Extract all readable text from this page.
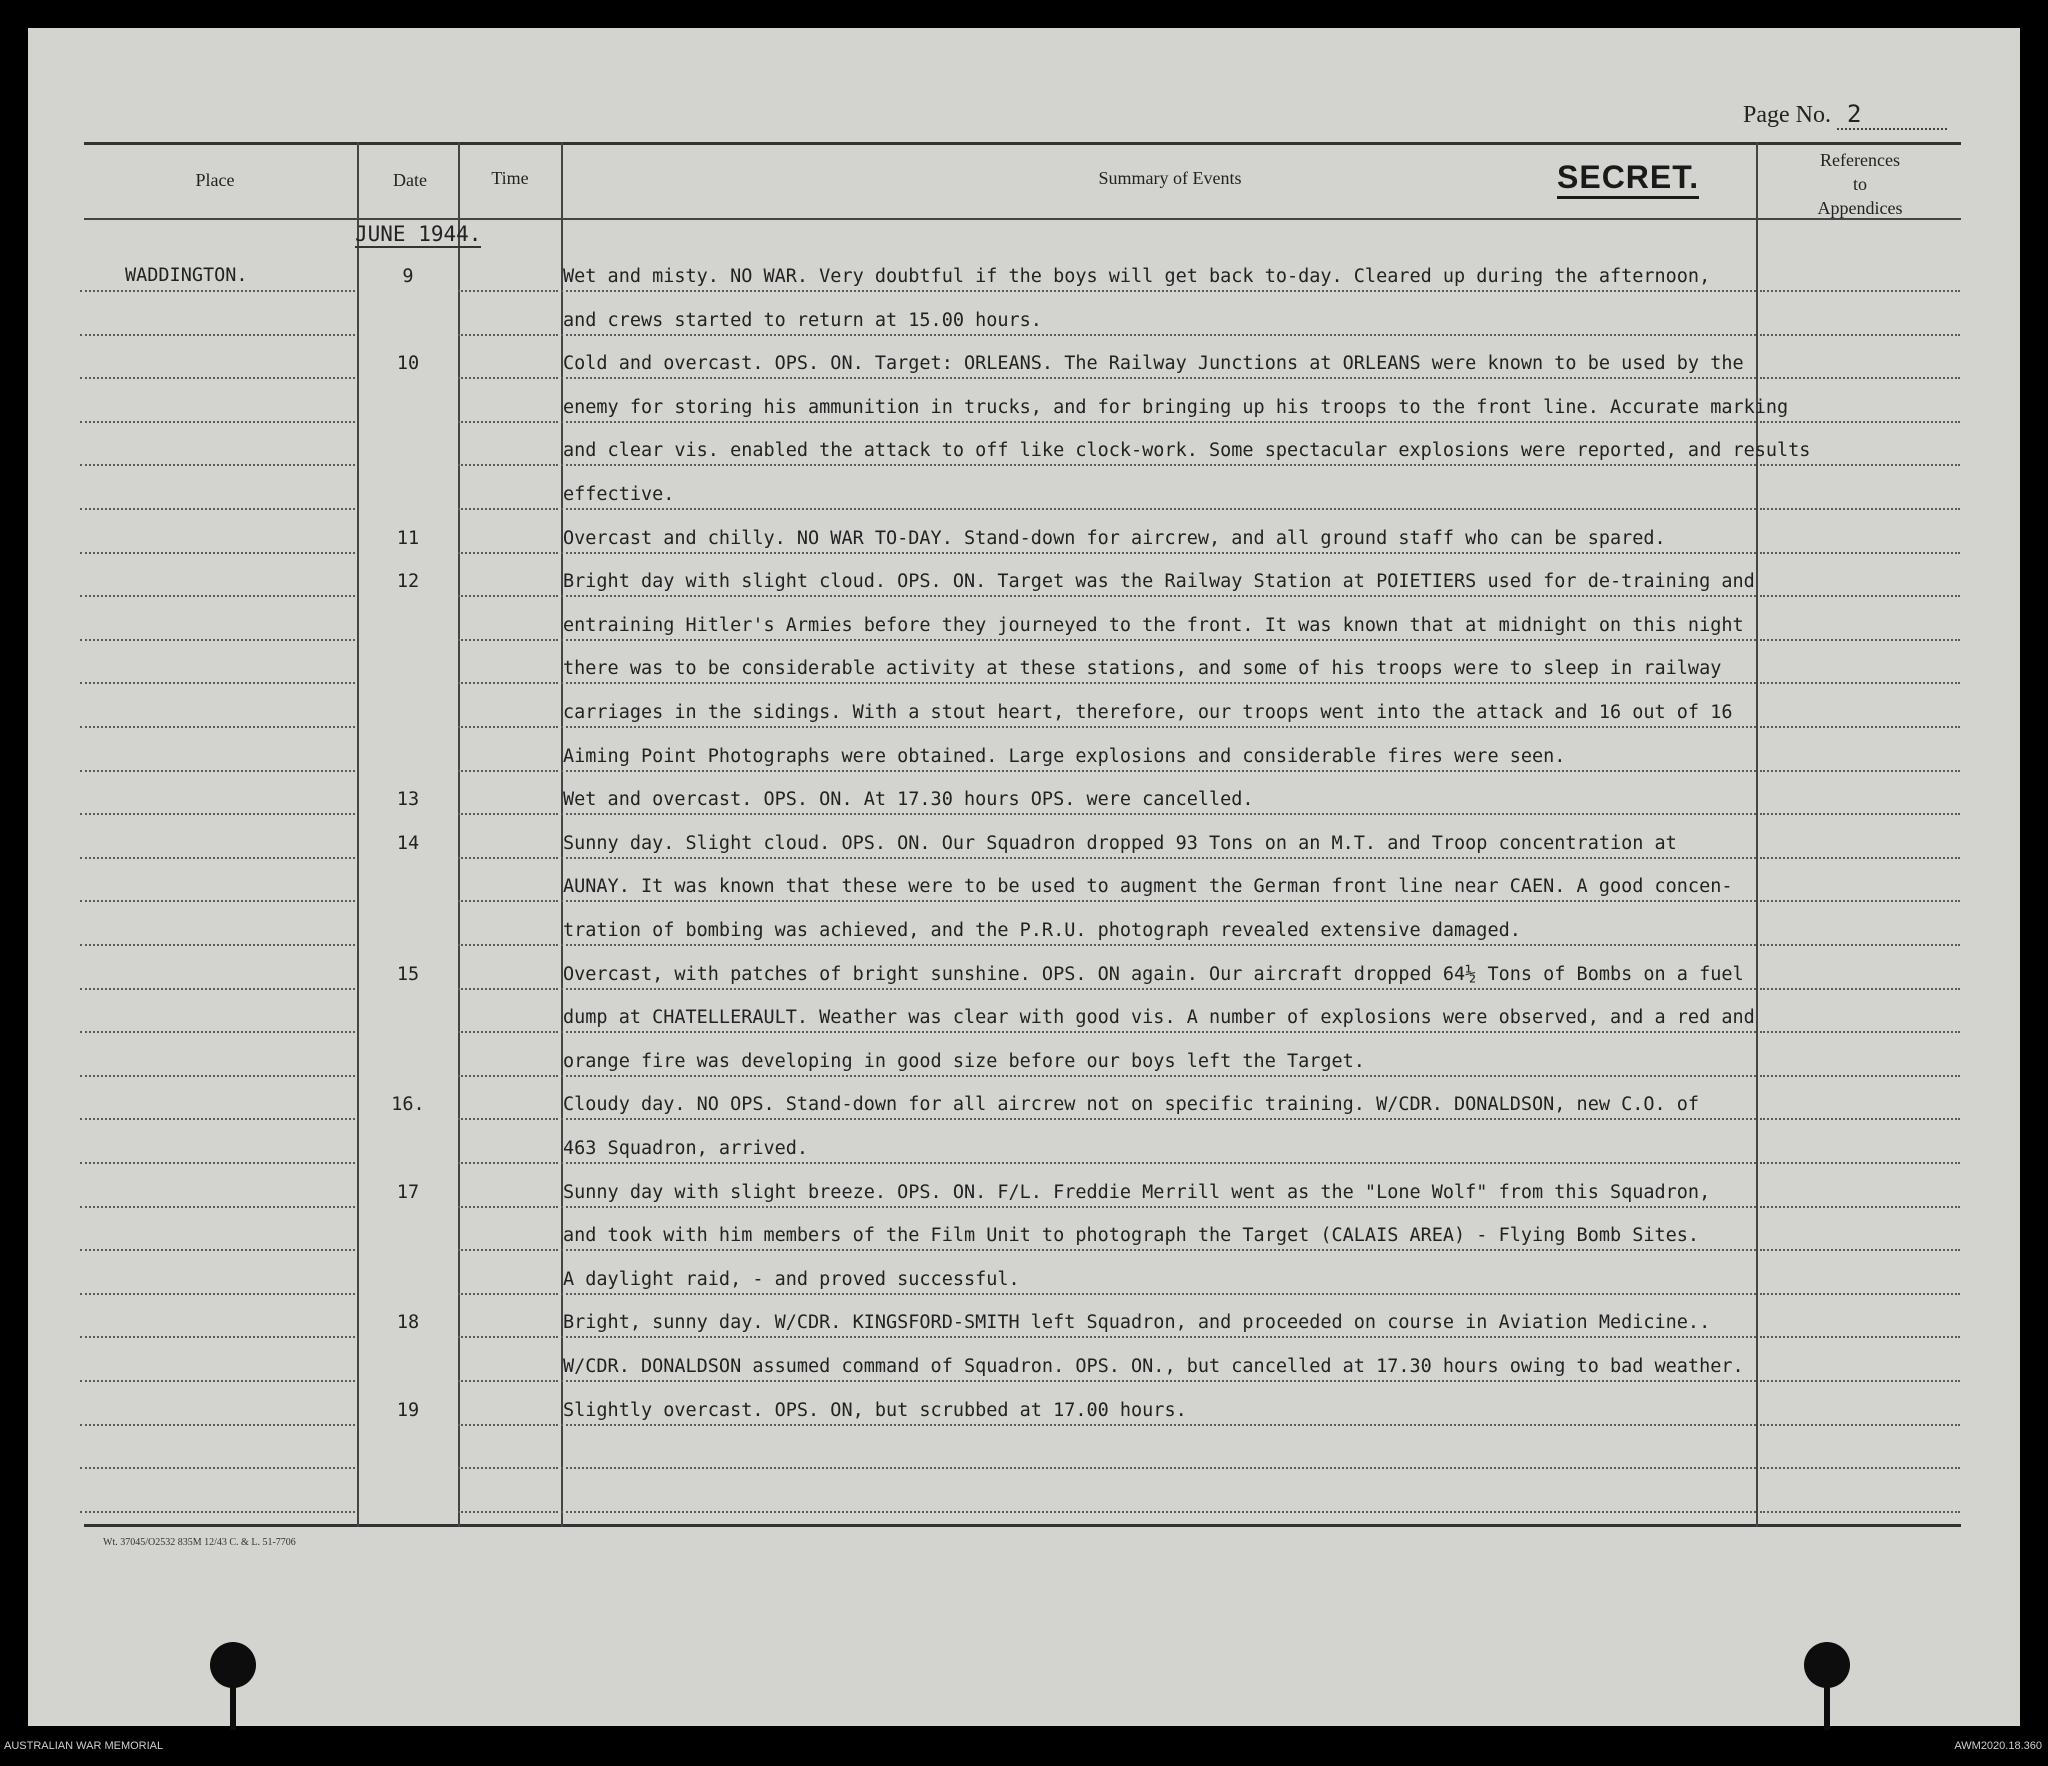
Page No. 2
Place	Date	Time	Summary of Events	SECRET.	References
to
Appendices
JUNE 1944.
WADDINGTON.	9	Wet and misty. NO WAR. Very doubtful if the boys will get back to-day. Cleared up during the afternoon,
and crews started to return at 15.00 hours.
10	Cold and overcast. OPS. ON. Target: ORLEANS. The Railway Junctions at ORLEANS were known to be used by the
enemy for storing his ammunition in trucks, and for bringing up his troops to the front line. Accurate marking
and clear vis. enabled the attack to off like clock-work. Some spectacular explosions were reported, and results
effective.
11	Overcast and chilly. NO WAR TO-DAY. Stand-down for aircrew, and all ground staff who can be spared.
12	Bright day with slight cloud. OPS. ON. Target was the Railway Station at POIETIERS used for de-training and
entraining Hitler's Armies before they journeyed to the front. It was known that at midnight on this night
there was to be considerable activity at these stations, and some of his troops were to sleep in railway
carriages in the sidings. With a stout heart, therefore, our troops went into the attack and 16 out of 16
Aiming Point Photographs were obtained. Large explosions and considerable fires were seen.
13	Wet and overcast. OPS. ON. At 17.30 hours OPS. were cancelled.
14	Sunny day. Slight cloud. OPS. ON. Our Squadron dropped 93 Tons on an M.T. and Troop concentration at
AUNAY. It was known that these were to be used to augment the German front line near CAEN. A good concen-
tration of bombing was achieved, and the P.R.U. photograph revealed extensive damaged.
15	Overcast, with patches of bright sunshine. OPS. ON again. Our aircraft dropped 64½ Tons of Bombs on a fuel
dump at CHATELLERAULT. Weather was clear with good vis. A number of explosions were observed, and a red and
orange fire was developing in good size before our boys left the Target.
16.	Cloudy day. NO OPS. Stand-down for all aircrew not on specific training. W/CDR. DONALDSON, new C.O. of
463 Squadron, arrived.
17	Sunny day with slight breeze. OPS. ON. F/L. Freddie Merrill went as the "Lone Wolf" from this Squadron,
and took with him members of the Film Unit to photograph the Target (CALAIS AREA) - Flying Bomb Sites.
A daylight raid, - and proved successful.
18	Bright, sunny day. W/CDR. KINGSFORD-SMITH left Squadron, and proceeded on course in Aviation Medicine..
W/CDR. DONALDSON assumed command of Squadron. OPS. ON., but cancelled at 17.30 hours owing to bad weather.
19	Slightly overcast. OPS. ON, but scrubbed at 17.00 hours.
Wt. 37045/O2532 835M 12/43 C. & L. 51-7706
AUSTRALIAN WAR MEMORIAL	AWM2020.18.360
